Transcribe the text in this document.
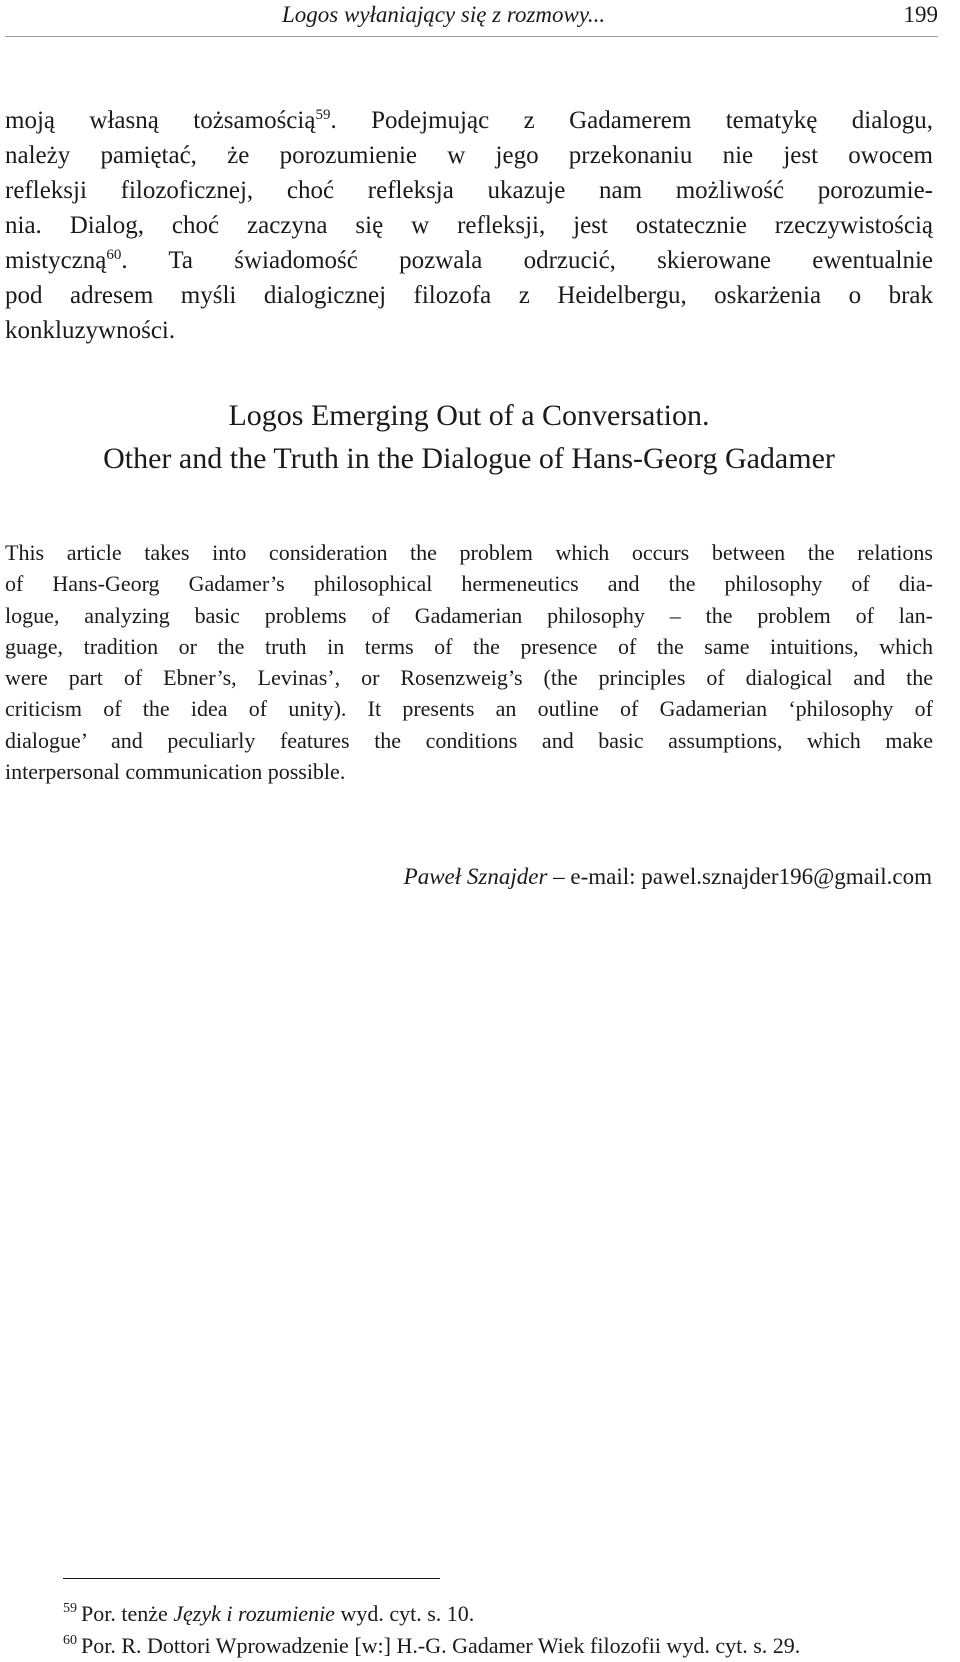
Logos wyłaniający się z rozmowy...	199

moją własną tożsamością$^{59}$. Podejmując z Gadamerem tematykę dialogu,
należy pamiętać, że porozumienie w jego przekonaniu nie jest owocem
refleksji filozoficznej, choć refleksja ukazuje nam możliwość porozumie-
nia. Dialog, choć zaczyna się w refleksji, jest ostatecznie rzeczywistością
mistyczną$^{60}$. Ta świadomość pozwala odrzucić, skierowane ewentualnie
pod adresem myśli dialogicznej filozofa z Heidelbergu, oskarżenia o brak
konkluzywności.

Logos Emerging Out of a Conversation.
Other and the Truth in the Dialogue of Hans-Georg Gadamer

This article takes into consideration the problem which occurs between the relations
of Hans-Georg Gadamer’s philosophical hermeneutics and the philosophy of dia-
logue, analyzing basic problems of Gadamerian philosophy – the problem of lan-
guage, tradition or the truth in terms of the presence of the same intuitions, which
were part of Ebner’s, Levinas’, or Rosenzweig’s (the principles of dialogical and the
criticism of the idea of unity). It presents an outline of Gadamerian ‘philosophy of
dialogue’ and peculiarly features the conditions and basic assumptions, which make
interpersonal communication possible.

Paweł Sznajder – e-mail: pawel.sznajder196@gmail.com
$^{59}$ Por. tenże Język i rozumienie wyd. cyt. s. 10.
$^{60}$ Por. R. Dottori Wprowadzenie [w:] H.-G. Gadamer Wiek filozofii wyd. cyt. s. 29.
